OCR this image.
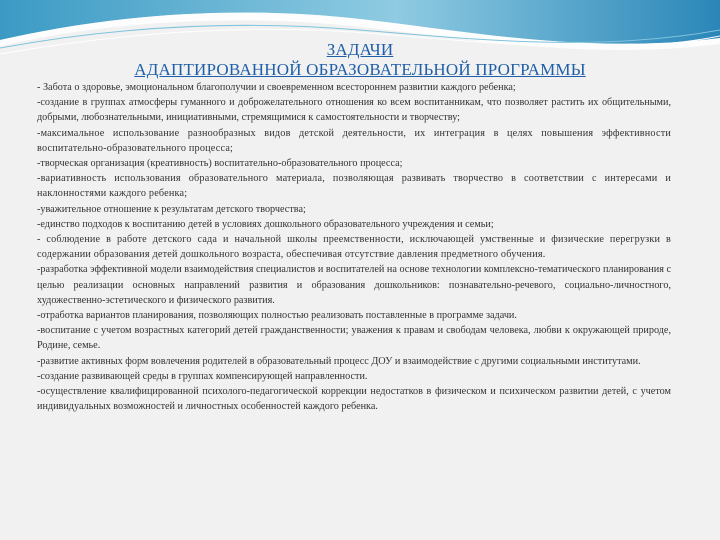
ЗАДАЧИ
АДАПТИРОВАННОЙ ОБРАЗОВАТЕЛЬНОЙ ПРОГРАММЫ
- Забота о здоровье, эмоциональном благополучии и своевременном всестороннем развитии каждого ребенка;
-создание в группах атмосферы гуманного и доброжелательного отношения ко всем воспитанникам, что позволяет растить их общительными, добрыми, любознательными, инициативными, стремящимися к самостоятельности и творчеству;
-максимальное использование разнообразных видов детской деятельности, их интеграция в целях повышения эффективности воспитательно-образовательного процесса;
-творческая организация (креативность) воспитательно-образовательного процесса;
-вариативность использования образовательного материала, позволяющая развивать творчество в соответствии с интересами и наклонностями каждого ребенка;
-уважительное отношение к результатам детского творчества;
-единство подходов к воспитанию детей в условиях дошкольного образовательного учреждения и семьи;
- соблюдение в работе детского сада и начальной школы преемственности, исключающей умственные и физические перегрузки в содержании образования детей дошкольного возраста, обеспечивая отсутствие давления предметного обучения.
-разработка эффективной модели взаимодействия специалистов и воспитателей на основе технологии комплексно-тематического планирования с целью реализации основных направлений развития и образования дошкольников: познавательно-речевого, социально-личностного, художественно-эстетического и физического развития.
-отработка вариантов планирования, позволяющих полностью реализовать поставленные в программе задачи.
-воспитание с учетом возрастных категорий детей гражданственности; уважения к правам и свободам человека, любви к окружающей природе, Родине, семье.
-развитие активных форм вовлечения родителей в образовательный процесс ДОУ и взаимодействие с другими социальными институтами.
-создание развивающей среды в группах компенсирующей направленности.
-осуществление квалифицированной психолого-педагогической коррекции недостатков в физическом и психическом развитии детей, с учетом индивидуальных возможностей и личностных особенностей каждого ребенка.
